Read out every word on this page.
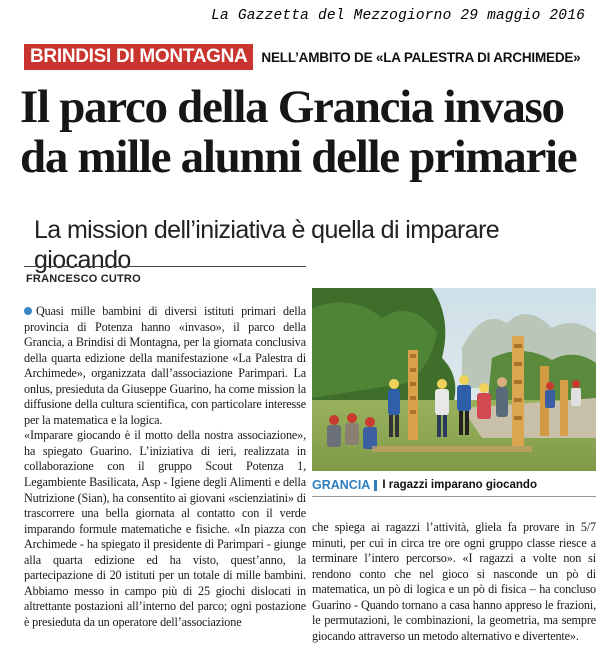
La Gazzetta del Mezzogiorno 29 maggio 2016
BRINDISI DI MONTAGNA	NELL’AMBITO DE «LA PALESTRA DI ARCHIMEDE»
Il parco della Grancia invaso
da mille alunni delle primarie
La mission dell’iniziativa è quella di imparare giocando
FRANCESCO CUTRO

Quasi mille bambini di diversi istituti primari della provincia di Potenza hanno «invaso», il parco della Grancia, a Brindisi di Montagna, per la giornata conclusiva della quarta edizione della manifestazione «La Palestra di Archimede», organizzata dall’associazione Parimpari. La onlus, presieduta da Giuseppe Guarino, ha come mission la diffusione della cultura scientifica, con particolare interesse per la matematica e la logica.

«Imparare giocando è il motto della nostra associazione», ha spiegato Guarino. L’iniziativa di ieri, realizzata in collaborazione con il gruppo Scout Potenza 1, Legambiente Basilicata, Asp - Igiene degli Alimenti e della Nutrizione (Sian), ha consentito ai giovani «scienziatini» di trascorrere una bella giornata al contatto con il verde imparando formule matematiche e fisiche. «In piazza con Archimede - ha spiegato il presidente di Parimpari - giunge alla quarta edizione ed ha visto, quest’anno, la partecipazione di 20 istituti per un totale di mille bambini. Abbiamo messo in campo più di 25 giochi dislocati in altrettante postazioni all’interno del parco; ogni postazione è presieduta da un operatore dell’associazione

GRANCIA I ragazzi imparano giocando

che spiega ai ragazzi l’attività, gliela fa provare in 5/7 minuti, per cui in circa tre ore ogni gruppo classe riesce a terminare l’intero percorso». «I ragazzi a volte non si rendono conto che nel gioco si nasconde un pò di matematica, un pò di logica e un pò di fisica – ha concluso Guarino - Quando tornano a casa hanno appreso le frazioni, le permutazioni, le combinazioni, la geometria, ma sempre giocando attraverso un metodo alternativo e divertente».
